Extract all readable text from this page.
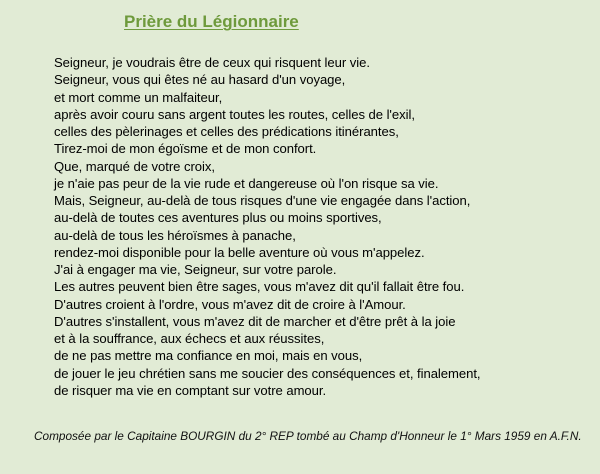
Prière du Légionnaire
Seigneur, je voudrais être de ceux qui risquent leur vie.
Seigneur, vous qui êtes né au hasard d'un voyage,
et mort comme un malfaiteur,
après avoir couru sans argent toutes les routes, celles de l'exil,
celles des pèlerinages et celles des prédications itinérantes,
Tirez-moi de mon égoïsme et de mon confort.
Que, marqué de votre croix,
je n'aie pas peur de la vie rude et dangereuse où l'on risque sa vie.
Mais, Seigneur, au-delà de tous risques d'une vie engagée dans l'action,
au-delà de toutes ces aventures plus ou moins sportives,
au-delà de tous les héroïsmes à panache,
rendez-moi disponible pour la belle aventure où vous m'appelez.
J'ai à engager ma vie, Seigneur, sur votre parole.
Les autres peuvent bien être sages, vous m'avez dit qu'il fallait être fou.
D'autres croient à l'ordre, vous m'avez dit de croire à l'Amour.
D'autres s'installent, vous m'avez dit de marcher et d'être prêt à la joie
et à la souffrance, aux échecs et aux réussites,
de ne pas mettre ma confiance en moi, mais en vous,
de jouer le jeu chrétien sans me soucier des conséquences et, finalement,
de risquer ma vie en comptant sur votre amour.
Composée par le Capitaine BOURGIN du 2° REP tombé au Champ d'Honneur le 1° Mars 1959 en A.F.N.
